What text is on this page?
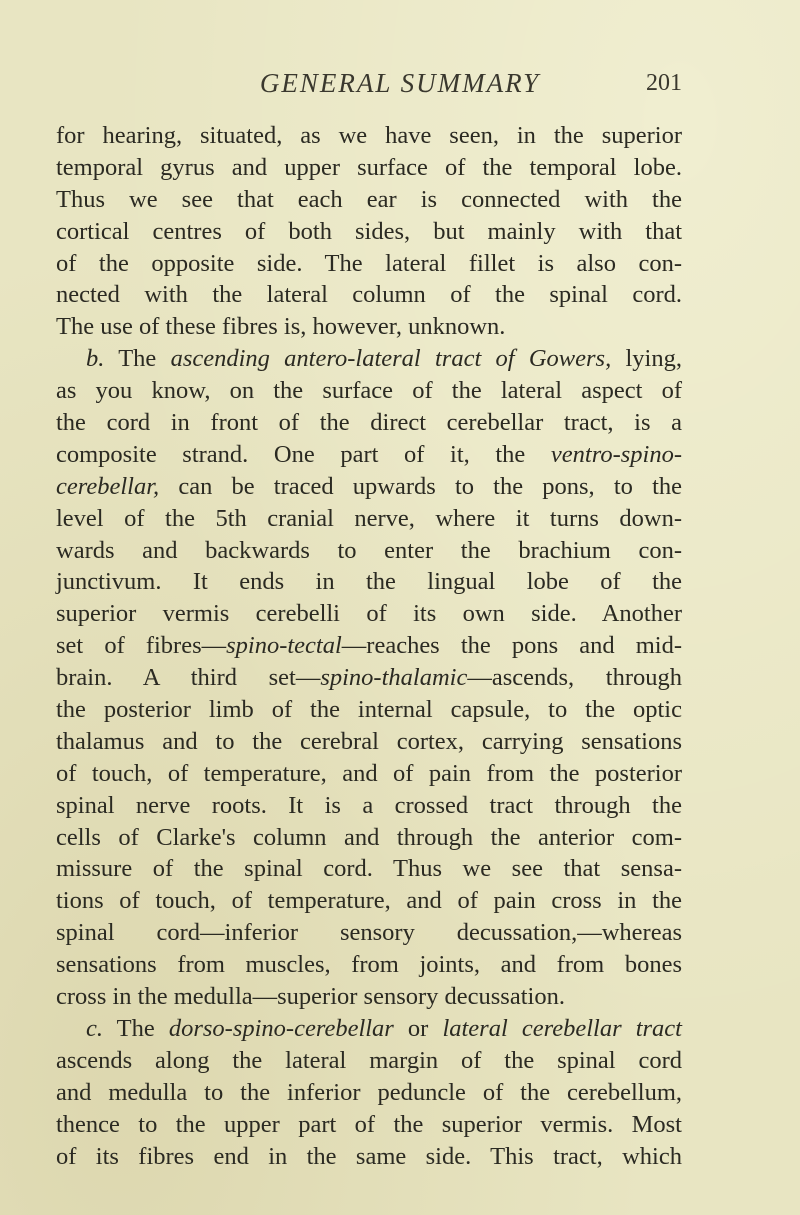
GENERAL SUMMARY	201
for hearing, situated, as we have seen, in the superior
temporal gyrus and upper surface of the temporal lobe.
Thus we see that each ear is connected with the
cortical centres of both sides, but mainly with that
of the opposite side. The lateral fillet is also con-
nected with the lateral column of the spinal cord.
The use of these fibres is, however, unknown.
b. The ascending antero-lateral tract of Gowers, lying,
as you know, on the surface of the lateral aspect of
the cord in front of the direct cerebellar tract, is a
composite strand. One part of it, the ventro-spino-
cerebellar, can be traced upwards to the pons, to the
level of the 5th cranial nerve, where it turns down-
wards and backwards to enter the brachium con-
junctivum. It ends in the lingual lobe of the
superior vermis cerebelli of its own side. Another
set of fibres—spino-tectal—reaches the pons and mid-
brain. A third set—spino-thalamic—ascends, through
the posterior limb of the internal capsule, to the optic
thalamus and to the cerebral cortex, carrying sensations
of touch, of temperature, and of pain from the posterior
spinal nerve roots. It is a crossed tract through the
cells of Clarke's column and through the anterior com-
missure of the spinal cord. Thus we see that sensa-
tions of touch, of temperature, and of pain cross in the
spinal cord—inferior sensory decussation,—whereas
sensations from muscles, from joints, and from bones
cross in the medulla—superior sensory decussation.
c. The dorso-spino-cerebellar or lateral cerebellar tract
ascends along the lateral margin of the spinal cord
and medulla to the inferior peduncle of the cerebellum,
thence to the upper part of the superior vermis. Most
of its fibres end in the same side. This tract, which
